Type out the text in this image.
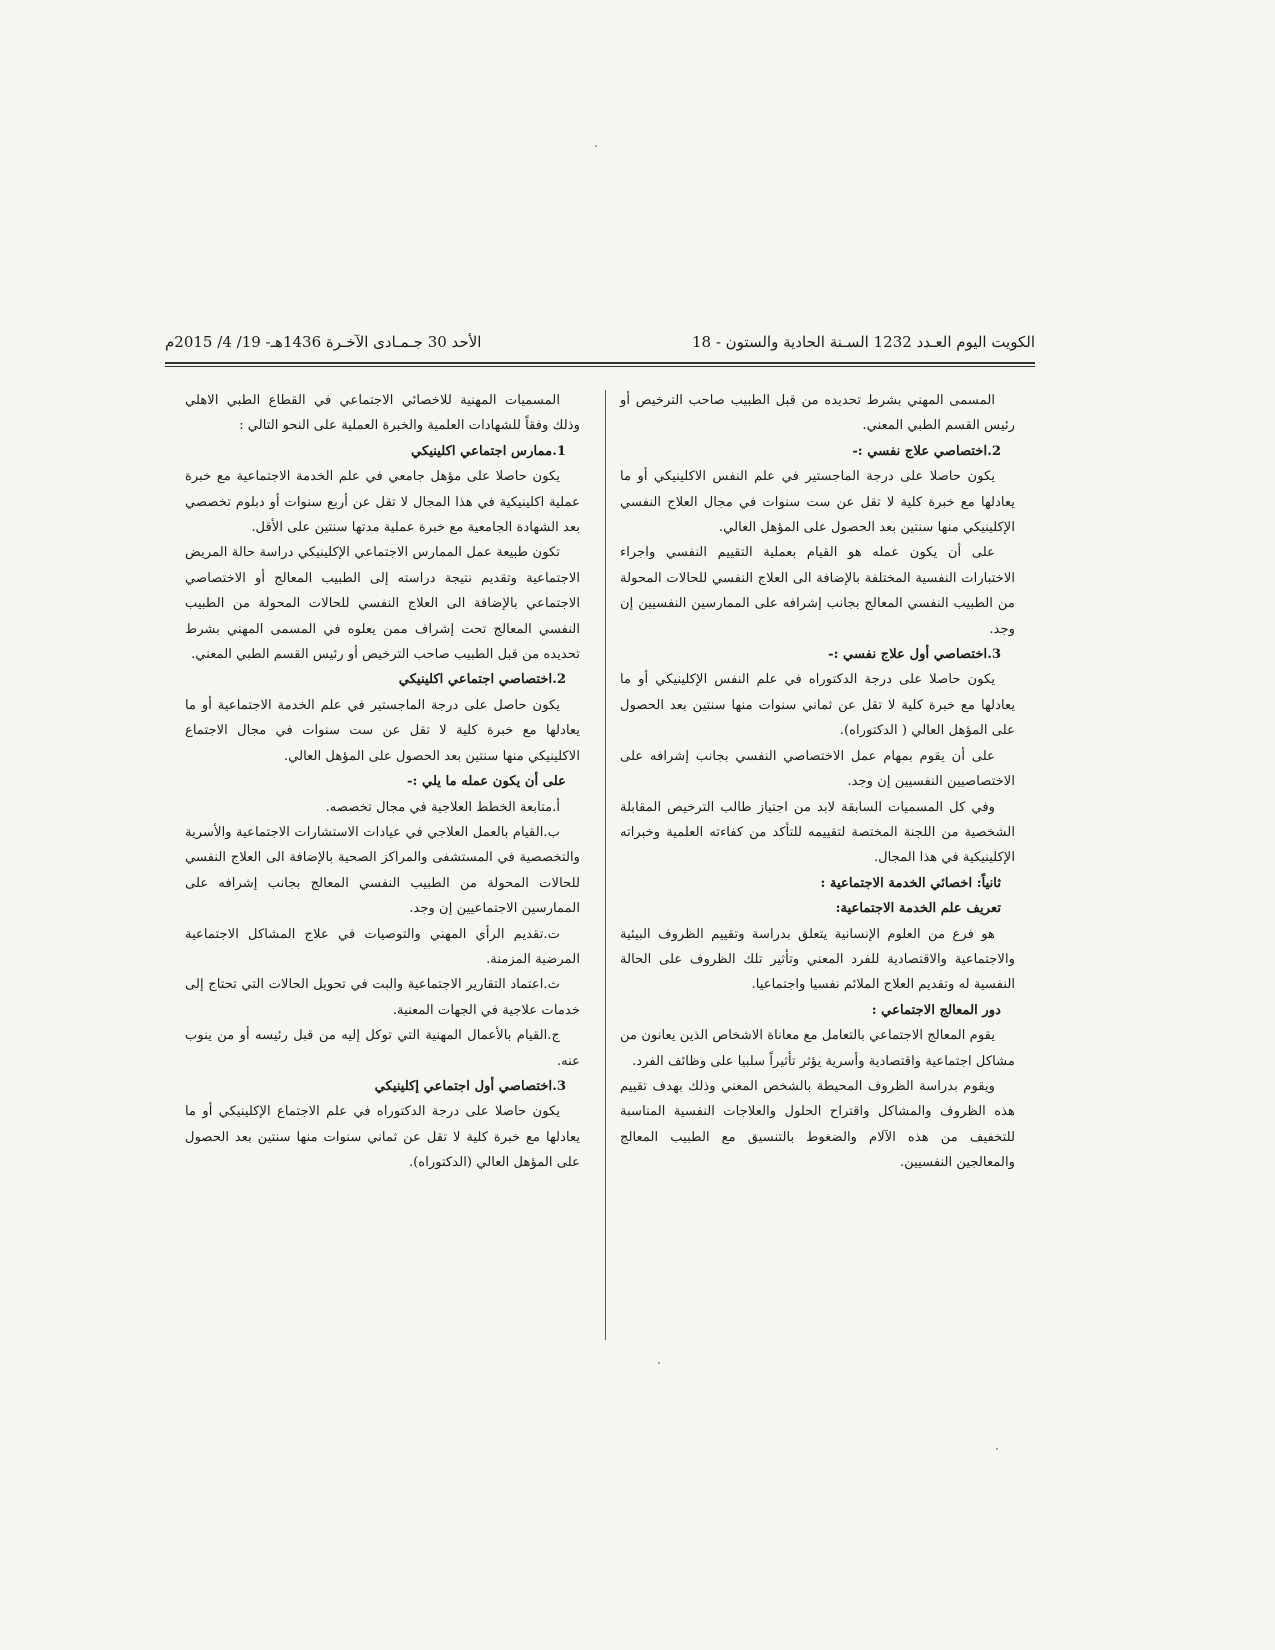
الكويت اليوم العـدد 1232 السـنة الحادية والستون - 18
الأحد 30 جـمـادى الآخـرة 1436هـ- 19/ 4/ 2015م

المسمى المهني بشرط تحديده من قبل الطبيب صاحب الترخيص أو رئيس القسم الطبي المعني.

2.اختصاصي علاج نفسي :-

يكون حاصلا على درجة الماجستير في علم النفس الاكلينيكي أو ما يعادلها مع خبرة كلية لا تقل عن ست سنوات في مجال العلاج النفسي الإكلينيكي منها سنتين بعد الحصول على المؤهل العالي.

على أن يكون عمله هو القيام بعملية التقييم النفسي واجراء الاختبارات النفسية المختلفة بالإضافة الى العلاج النفسي للحالات المحولة من الطبيب النفسي المعالج بجانب إشرافه على الممارسين النفسيين إن وجد.

3.اختصاصي أول علاج نفسي :-

يكون حاصلا على درجة الدكتوراه في علم النفس الإكلينيكي أو ما يعادلها مع خبرة كلية لا تقل عن ثماني سنوات منها سنتين بعد الحصول على المؤهل العالي ( الدكتوراه).

على أن يقوم بمهام عمل الاختصاصي النفسي بجانب إشرافه على الاختصاصيين النفسيين إن وجد.

وفي كل المسميات السابقة لابد من اجتياز طالب الترخيص المقابلة الشخصية من اللجنة المختصة لتقييمه للتأكد من كفاءته العلمية وخبراته الإكلينيكية في هذا المجال.

ثانياً: اخصائي الخدمة الاجتماعية :

تعريف علم الخدمة الاجتماعية:

هو فرع من العلوم الإنسانية يتعلق بدراسة وتقييم الظروف البيئية والاجتماعية والاقتصادية للفرد المعني وتأثير تلك الظروف على الحالة النفسية له وتقديم العلاج الملائم نفسيا واجتماعيا.

دور المعالج الاجتماعي :

يقوم المعالج الاجتماعي بالتعامل مع معاناة الاشخاص الذين يعانون من مشاكل اجتماعية واقتصادية وأسرية يؤثر تأثيراً سلبيا على وظائف الفرد.

ويقوم بدراسة الظروف المحيطة بالشخص المعني وذلك بهدف تقييم هذه الظروف والمشاكل واقتراح الحلول والعلاجات النفسية المناسبة للتخفيف من هذه الآلام والضغوط بالتنسيق مع الطبيب المعالج والمعالجين النفسيين.

المسميات المهنية للاخصائي الاجتماعي في القطاع الطبي الاهلي وذلك وفقاً للشهادات العلمية والخبرة العملية على النحو التالي :

1.ممارس اجتماعي اكلينيكي

يكون حاصلا على مؤهل جامعي في علم الخدمة الاجتماعية مع خبرة عملية اكلينيكية في هذا المجال لا تقل عن أربع سنوات أو دبلوم تخصصي بعد الشهادة الجامعية مع خبرة عملية مدتها سنتين على الأقل.

تكون طبيعة عمل الممارس الاجتماعي الإكلينيكي دراسة حالة المريض الاجتماعية وتقديم نتيجة دراسته إلى الطبيب المعالج أو الاختصاصي الاجتماعي بالإضافة الى العلاج النفسي للحالات المحولة من الطبيب النفسي المعالج تحت إشراف ممن يعلوه في المسمى المهني بشرط تحديده من قبل الطبيب صاحب الترخيص أو رئيس القسم الطبي المعني.

2.اختصاصي اجتماعي اكلينيكي

يكون حاصل على درجة الماجستير في علم الخدمة الاجتماعية أو ما يعادلها مع خبرة كلية لا تقل عن ست سنوات في مجال الاجتماع الاكلينيكي منها سنتين بعد الحصول على المؤهل العالي.

على أن يكون عمله ما يلي :-

أ.متابعة الخطط العلاجية في مجال تخصصه.

ب.القيام بالعمل العلاجي في عيادات الاستشارات الاجتماعية والأسرية والتخصصية في المستشفى والمراكز الصحية بالإضافة الى العلاج النفسي للحالات المحولة من الطبيب النفسي المعالج بجانب إشرافه على الممارسين الاجتماعيين إن وجد.

ت.تقديم الرأي المهني والتوصيات في علاج المشاكل الاجتماعية المرضية المزمنة.

ث.اعتماد التقارير الاجتماعية والبت في تحويل الحالات التي تحتاج إلى خدمات علاجية في الجهات المعنية.

ج.القيام بالأعمال المهنية التي توكل إليه من قبل رئيسه أو من ينوب عنه.

3.اختصاصي أول اجتماعي إكلينيكي

يكون حاصلا على درجة الدكتوراه في علم الاجتماع الإكلينيكي أو ما يعادلها مع خبرة كلية لا تقل عن ثماني سنوات منها سنتين بعد الحصول على المؤهل العالي (الدكتوراه).
